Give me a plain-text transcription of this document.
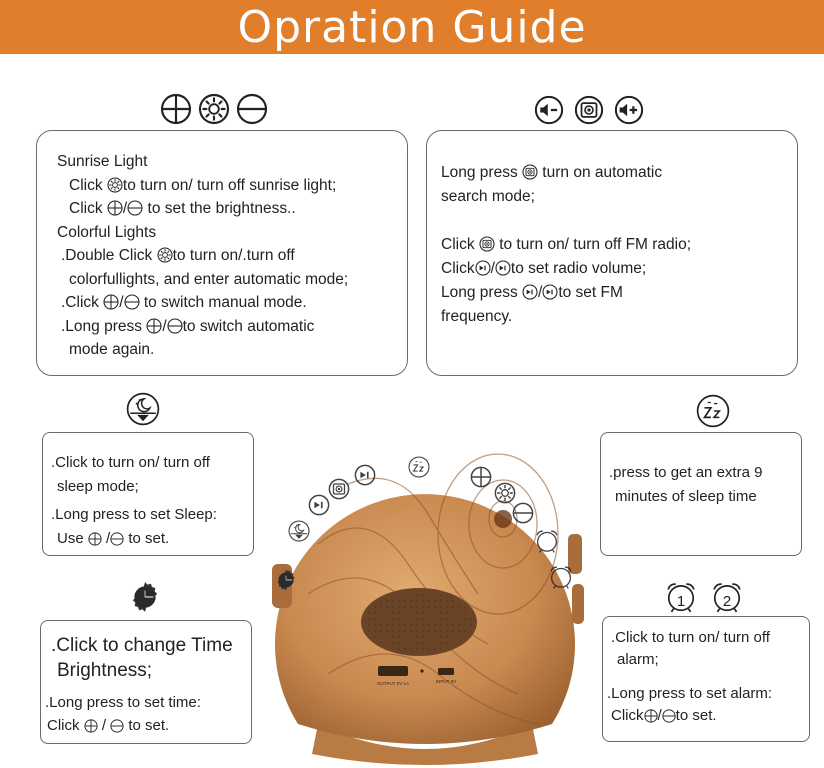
Opration Guide
Sunrise Light
Click to turn on/ turn off sunrise light;
Click / to set the brightness..
Colorful Lights
.Double Click to turn on/.turn off
colorfullights, and enter automatic mode;
.Click / to switch manual mode.
.Long press / to switch automatic
mode again.
Long press  turn on automatic
search mode;
Click  to turn on/ turn off FM radio;
Click / to set radio volume;
Long press / to set FM
frequency.
.Click to turn on/ turn off
sleep mode;
.Long press to set Sleep:
Use  / to set.
.press to get an extra 9
minutes of sleep time
.Click to change Time
Brightness;
.Long press to set time:
Click  /  to set.
1	2
.Click to turn on/ turn off
alarm;
.Long press to set alarm:
Click / to set.
OUTPUT 5V 1A	INPUT 5V
